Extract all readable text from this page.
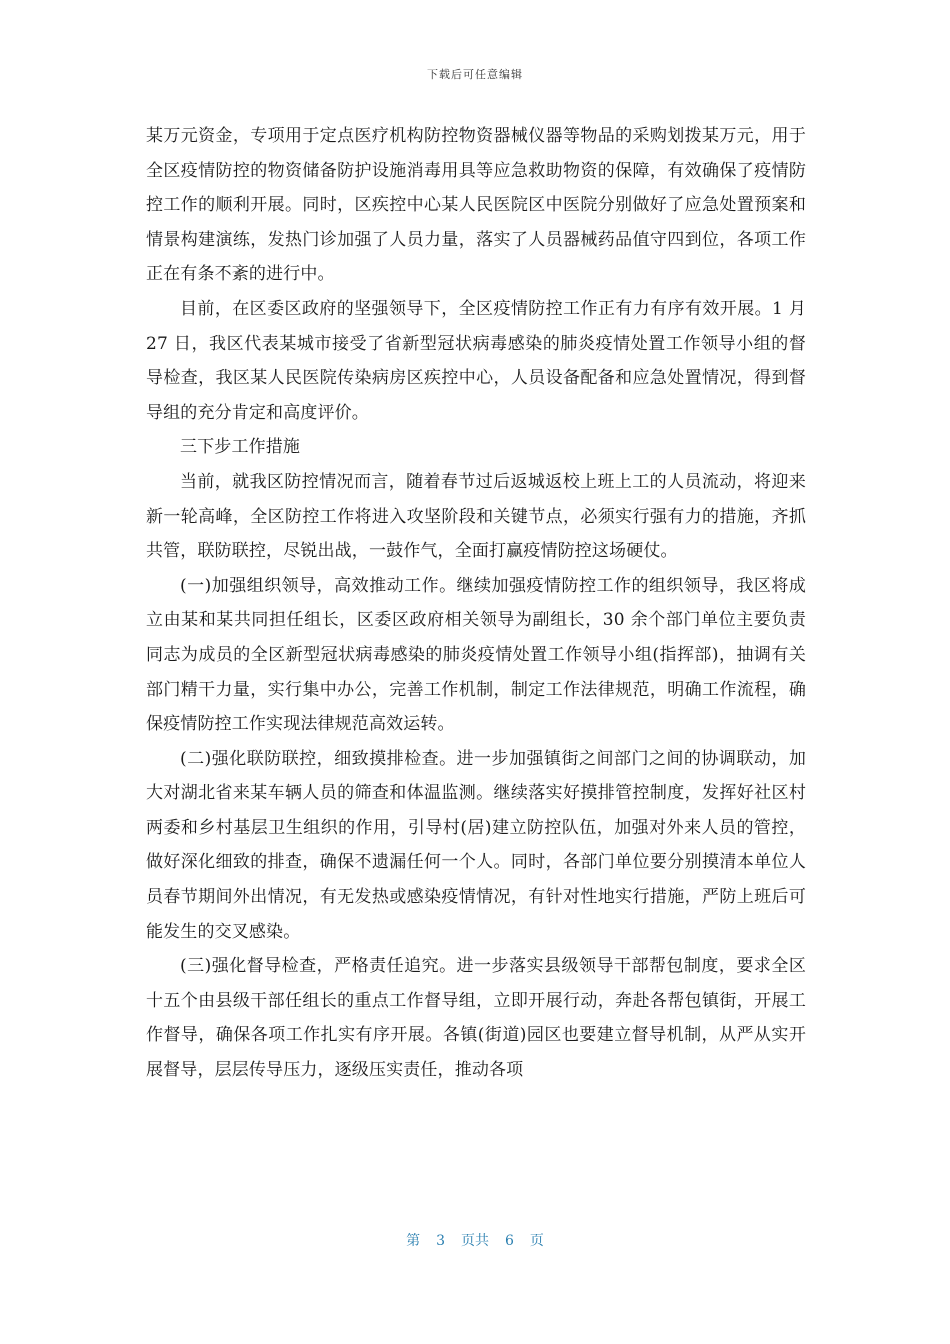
下载后可任意编辑

某万元资金，专项用于定点医疗机构防控物资器械仪器等物品的采购划拨某万元，用于全区疫情防控的物资储备防护设施消毒用具等应急救助物资的保障，有效确保了疫情防控工作的顺利开展。同时，区疾控中心某人民医院区中医院分别做好了应急处置预案和情景构建演练，发热门诊加强了人员力量，落实了人员器械药品值守四到位，各项工作正在有条不紊的进行中。

目前，在区委区政府的坚强领导下，全区疫情防控工作正有力有序有效开展。1 月 27 日，我区代表某城市接受了省新型冠状病毒感染的肺炎疫情处置工作领导小组的督导检查，我区某人民医院传染病房区疾控中心，人员设备配备和应急处置情况，得到督导组的充分肯定和高度评价。

三下步工作措施

当前，就我区防控情况而言，随着春节过后返城返校上班上工的人员流动，将迎来新一轮高峰，全区防控工作将进入攻坚阶段和关键节点，必须实行强有力的措施，齐抓共管，联防联控，尽锐出战，一鼓作气，全面打赢疫情防控这场硬仗。

(一)加强组织领导，高效推动工作。继续加强疫情防控工作的组织领导，我区将成立由某和某共同担任组长，区委区政府相关领导为副组长，30 余个部门单位主要负责同志为成员的全区新型冠状病毒感染的肺炎疫情处置工作领导小组(指挥部)，抽调有关部门精干力量，实行集中办公，完善工作机制，制定工作法律规范，明确工作流程，确保疫情防控工作实现法律规范高效运转。

(二)强化联防联控，细致摸排检查。进一步加强镇街之间部门之间的协调联动，加大对湖北省来某车辆人员的筛查和体温监测。继续落实好摸排管控制度，发挥好社区村两委和乡村基层卫生组织的作用，引导村(居)建立防控队伍，加强对外来人员的管控，做好深化细致的排查，确保不遗漏任何一个人。同时，各部门单位要分别摸清本单位人员春节期间外出情况，有无发热或感染疫情情况，有针对性地实行措施，严防上班后可能发生的交叉感染。

(三)强化督导检查，严格责任追究。进一步落实县级领导干部帮包制度，要求全区十五个由县级干部任组长的重点工作督导组，立即开展行动，奔赴各帮包镇街，开展工作督导，确保各项工作扎实有序开展。各镇(街道)园区也要建立督导机制，从严从实开展督导，层层传导压力，逐级压实责任，推动各项

第 3 页共 6 页
